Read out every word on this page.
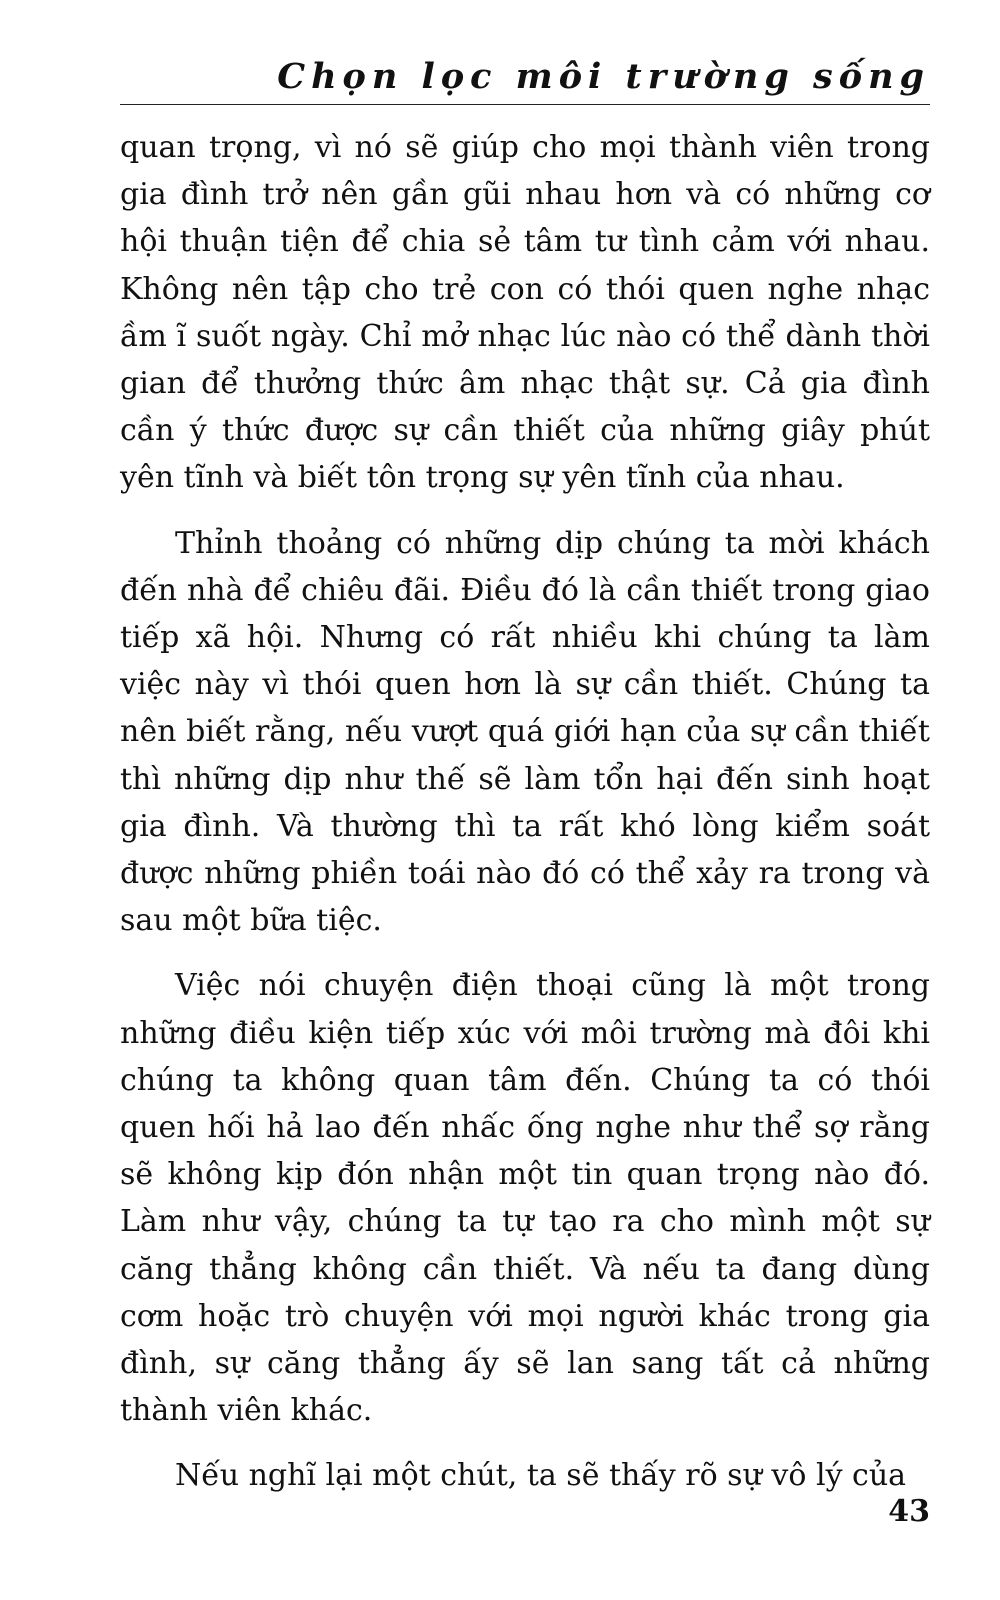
Chọn lọc môi trường sống

quan trọng, vì nó sẽ giúp cho mọi thành viên trong gia đình trở nên gần gũi nhau hơn và có những cơ hội thuận tiện để chia sẻ tâm tư tình cảm với nhau. Không nên tập cho trẻ con có thói quen nghe nhạc ầm ĩ suốt ngày. Chỉ mở nhạc lúc nào có thể dành thời gian để thưởng thức âm nhạc thật sự. Cả gia đình cần ý thức được sự cần thiết của những giây phút yên tĩnh và biết tôn trọng sự yên tĩnh của nhau.

Thỉnh thoảng có những dịp chúng ta mời khách đến nhà để chiêu đãi. Điều đó là cần thiết trong giao tiếp xã hội. Nhưng có rất nhiều khi chúng ta làm việc này vì thói quen hơn là sự cần thiết. Chúng ta nên biết rằng, nếu vượt quá giới hạn của sự cần thiết thì những dịp như thế sẽ làm tổn hại đến sinh hoạt gia đình. Và thường thì ta rất khó lòng kiểm soát được những phiền toái nào đó có thể xảy ra trong và sau một bữa tiệc.

Việc nói chuyện điện thoại cũng là một trong những điều kiện tiếp xúc với môi trường mà đôi khi chúng ta không quan tâm đến. Chúng ta có thói quen hối hả lao đến nhấc ống nghe như thể sợ rằng sẽ không kịp đón nhận một tin quan trọng nào đó. Làm như vậy, chúng ta tự tạo ra cho mình một sự căng thẳng không cần thiết. Và nếu ta đang dùng cơm hoặc trò chuyện với mọi người khác trong gia đình, sự căng thẳng ấy sẽ lan sang tất cả những thành viên khác.

Nếu nghĩ lại một chút, ta sẽ thấy rõ sự vô lý của

43
